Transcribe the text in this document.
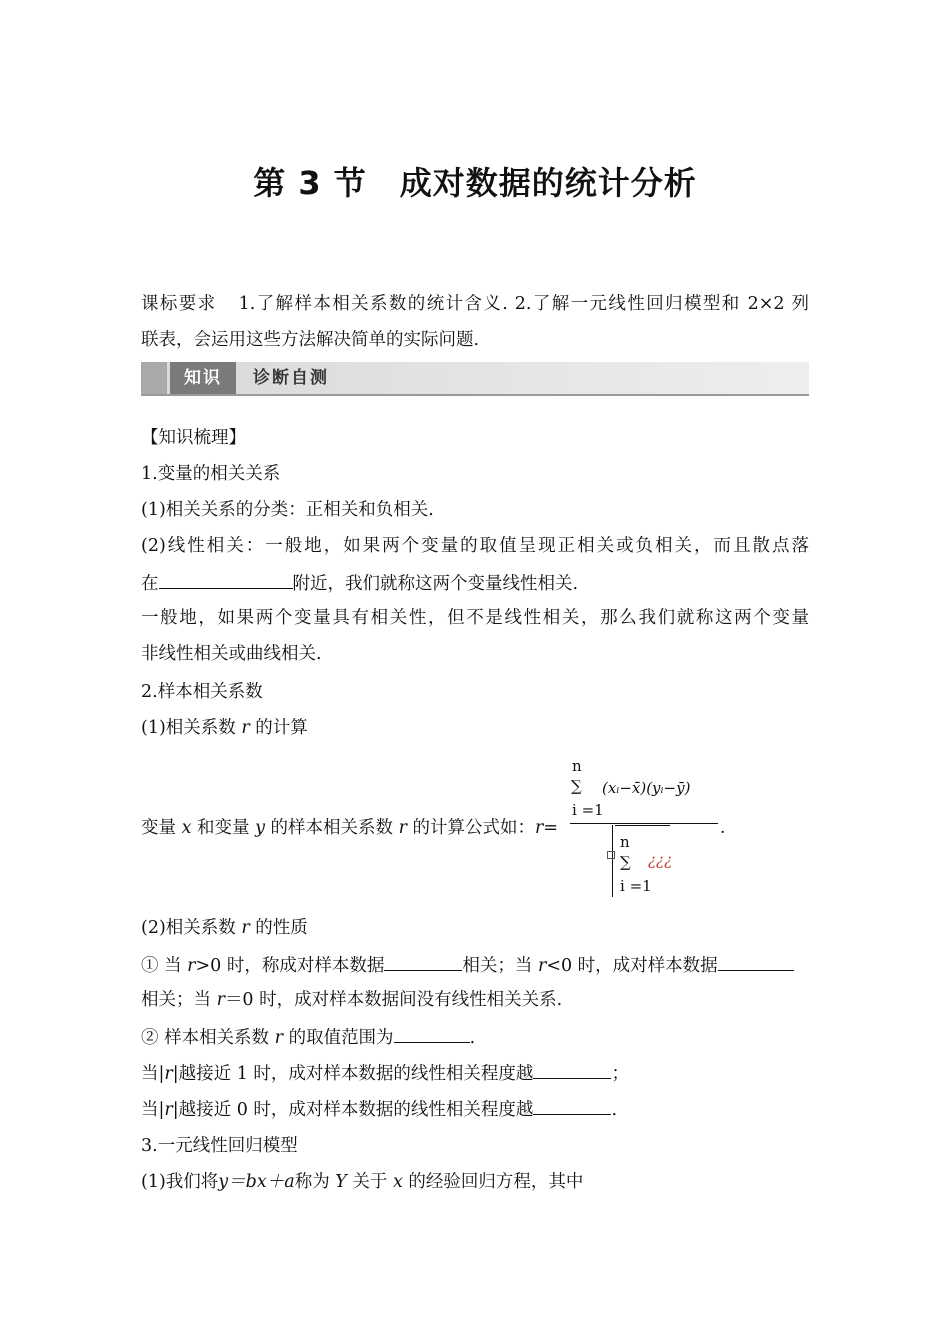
第 3 节　成对数据的统计分析
课标要求 1.了解样本相关系数的统计含义. 2.了解一元线性回归模型和 2×2 列
联表，会运用这些方法解决简单的实际问题.
知识	诊断自测
【知识梳理】
1.变量的相关关系
(1)相关关系的分类：正相关和负相关.
(2)线性相关：一般地，如果两个变量的取值呈现正相关或负相关，而且散点落
在	附近，我们就称这两个变量线性相关.
一般地，如果两个变量具有相关性，但不是线性相关，那么我们就称这两个变量
非线性相关或曲线相关.
2.样本相关系数
(1)相关系数 r 的计算
变量 x 和变量 y 的样本相关系数 r 的计算公式如：r=
n
∑
i =1
(xᵢ−x̄)(yᵢ−ȳ)
n
∑
i =1
¿¿¿
.
(2)相关系数 r 的性质
① 当 r>0 时，称成对样本数据	相关；当 r<0 时，成对样本数据
相关；当 r＝0 时，成对样本数据间没有线性相关关系.
② 样本相关系数 r 的取值范围为	.
当|r|越接近 1 时，成对样本数据的线性相关程度越	；
当|r|越接近 0 时，成对样本数据的线性相关程度越	.
3.一元线性回归模型
(1)我们将y＝bx＋a称为 Y 关于 x 的经验回归方程，其中
